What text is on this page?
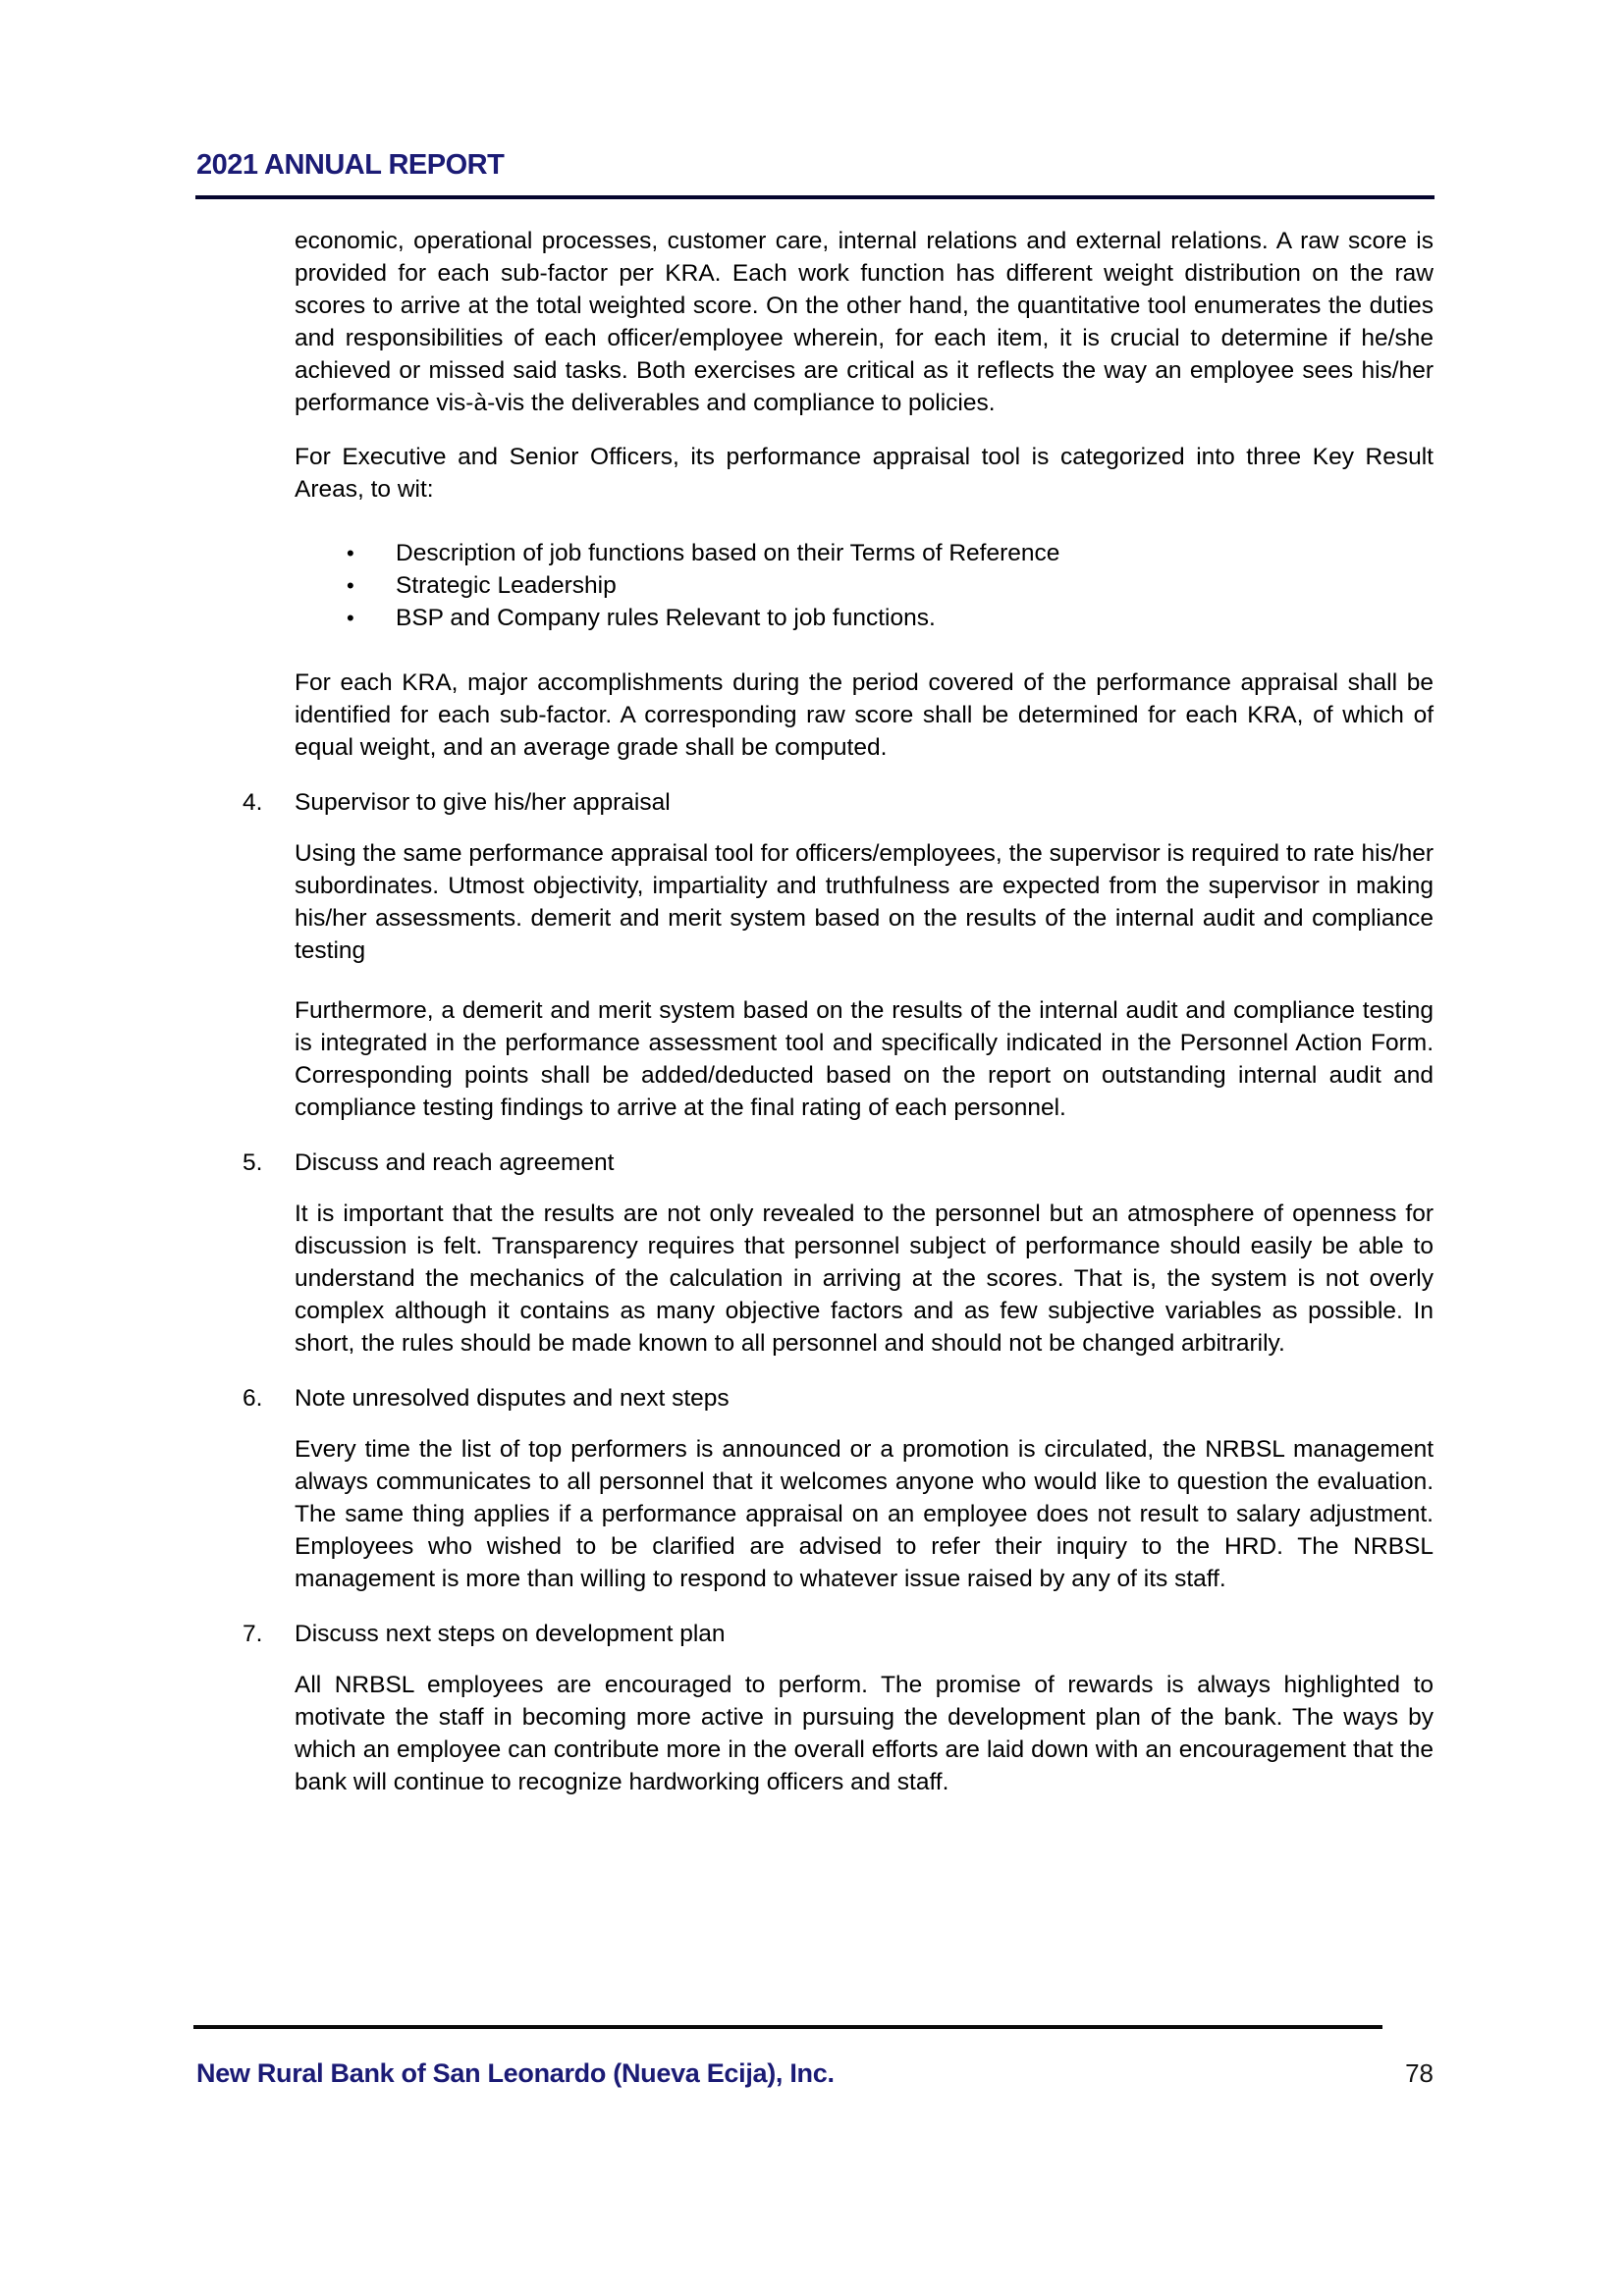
2021 ANNUAL REPORT

economic, operational processes, customer care, internal relations and external relations. A raw score is provided for each sub-factor per KRA. Each work function has different weight distribution on the raw scores to arrive at the total weighted score. On the other hand, the quantitative tool enumerates the duties and responsibilities of each officer/employee wherein, for each item, it is crucial to determine if he/she achieved or missed said tasks. Both exercises are critical as it reflects the way an employee sees his/her performance vis-à-vis the deliverables and compliance to policies.

For Executive and Senior Officers, its performance appraisal tool is categorized into three Key Result Areas, to wit:

•	Description of job functions based on their Terms of Reference
•	Strategic Leadership
•	BSP and Company rules Relevant to job functions.

For each KRA, major accomplishments during the period covered of the performance appraisal shall be identified for each sub-factor. A corresponding raw score shall be determined for each KRA, of which of equal weight, and an average grade shall be computed.

4. Supervisor to give his/her appraisal

Using the same performance appraisal tool for officers/employees, the supervisor is required to rate his/her subordinates. Utmost objectivity, impartiality and truthfulness are expected from the supervisor in making his/her assessments. demerit and merit system based on the results of the internal audit and compliance testing

Furthermore, a demerit and merit system based on the results of the internal audit and compliance testing is integrated in the performance assessment tool and specifically indicated in the Personnel Action Form. Corresponding points shall be added/deducted based on the report on outstanding internal audit and compliance testing findings to arrive at the final rating of each personnel.

5. Discuss and reach agreement

It is important that the results are not only revealed to the personnel but an atmosphere of openness for discussion is felt. Transparency requires that personnel subject of performance should easily be able to understand the mechanics of the calculation in arriving at the scores. That is, the system is not overly complex although it contains as many objective factors and as few subjective variables as possible. In short, the rules should be made known to all personnel and should not be changed arbitrarily.

6. Note unresolved disputes and next steps

Every time the list of top performers is announced or a promotion is circulated, the NRBSL management always communicates to all personnel that it welcomes anyone who would like to question the evaluation. The same thing applies if a performance appraisal on an employee does not result to salary adjustment. Employees who wished to be clarified are advised to refer their inquiry to the HRD. The NRBSL management is more than willing to respond to whatever issue raised by any of its staff.

7. Discuss next steps on development plan

All NRBSL employees are encouraged to perform. The promise of rewards is always highlighted to motivate the staff in becoming more active in pursuing the development plan of the bank. The ways by which an employee can contribute more in the overall efforts are laid down with an encouragement that the bank will continue to recognize hardworking officers and staff.

New Rural Bank of San Leonardo (Nueva Ecija), Inc.	78
